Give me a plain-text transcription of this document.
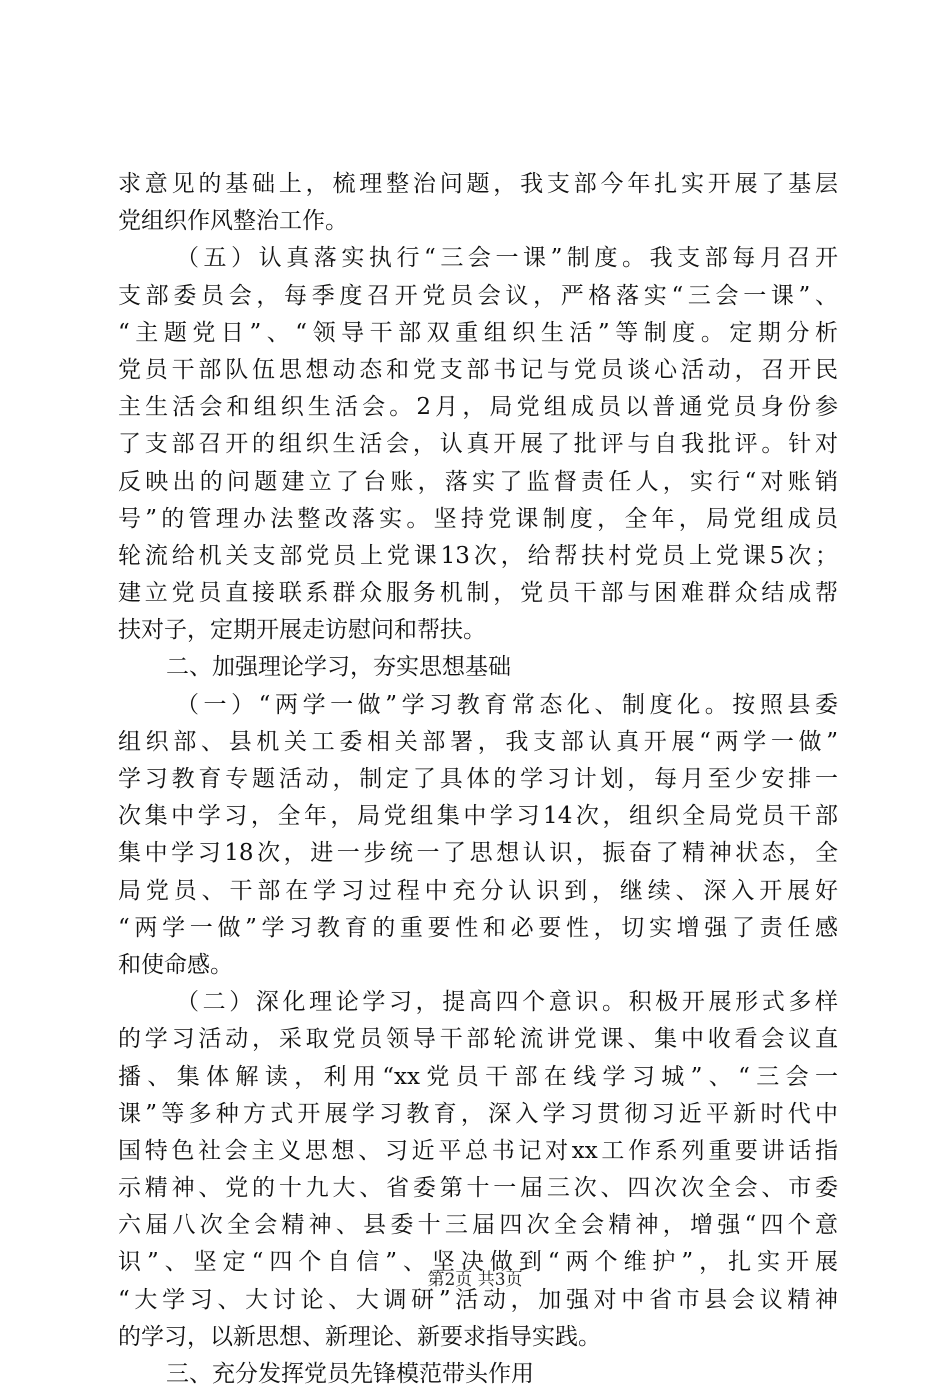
求意见的基础上，梳理整治问题，我支部今年扎实开展了基层
党组织作风整治工作。
（五）认真落实执行“三会一课”制度。我支部每月召开
支部委员会，每季度召开党员会议，严格落实“三会一课”、
“主题党日”、“领导干部双重组织生活”等制度。定期分析
党员干部队伍思想动态和党支部书记与党员谈心活动，召开民
主生活会和组织生活会。2月，局党组成员以普通党员身份参
了支部召开的组织生活会，认真开展了批评与自我批评。针对
反映出的问题建立了台账，落实了监督责任人，实行“对账销
号”的管理办法整改落实。坚持党课制度，全年，局党组成员
轮流给机关支部党员上党课13次，给帮扶村党员上党课5次；
建立党员直接联系群众服务机制，党员干部与困难群众结成帮
扶对子，定期开展走访慰问和帮扶。
二、加强理论学习，夯实思想基础
（一）“两学一做”学习教育常态化、制度化。按照县委
组织部、县机关工委相关部署，我支部认真开展“两学一做”
学习教育专题活动，制定了具体的学习计划，每月至少安排一
次集中学习，全年，局党组集中学习14次，组织全局党员干部
集中学习18次，进一步统一了思想认识，振奋了精神状态，全
局党员、干部在学习过程中充分认识到，继续、深入开展好
“两学一做”学习教育的重要性和必要性，切实增强了责任感
和使命感。
（二）深化理论学习，提高四个意识。积极开展形式多样
的学习活动，采取党员领导干部轮流讲党课、集中收看会议直
播、集体解读，利用“xx党员干部在线学习城”、“三会一
课”等多种方式开展学习教育，深入学习贯彻习近平新时代中
国特色社会主义思想、习近平总书记对xx工作系列重要讲话指
示精神、党的十九大、省委第十一届三次、四次次全会、市委
六届八次全会精神、县委十三届四次全会精神，增强“四个意
识”、坚定“四个自信”、坚决做到“两个维护”，扎实开展
“大学习、大讨论、大调研”活动，加强对中省市县会议精神
的学习，以新思想、新理论、新要求指导实践。
三、充分发挥党员先锋模范带头作用
第2页 共3页
